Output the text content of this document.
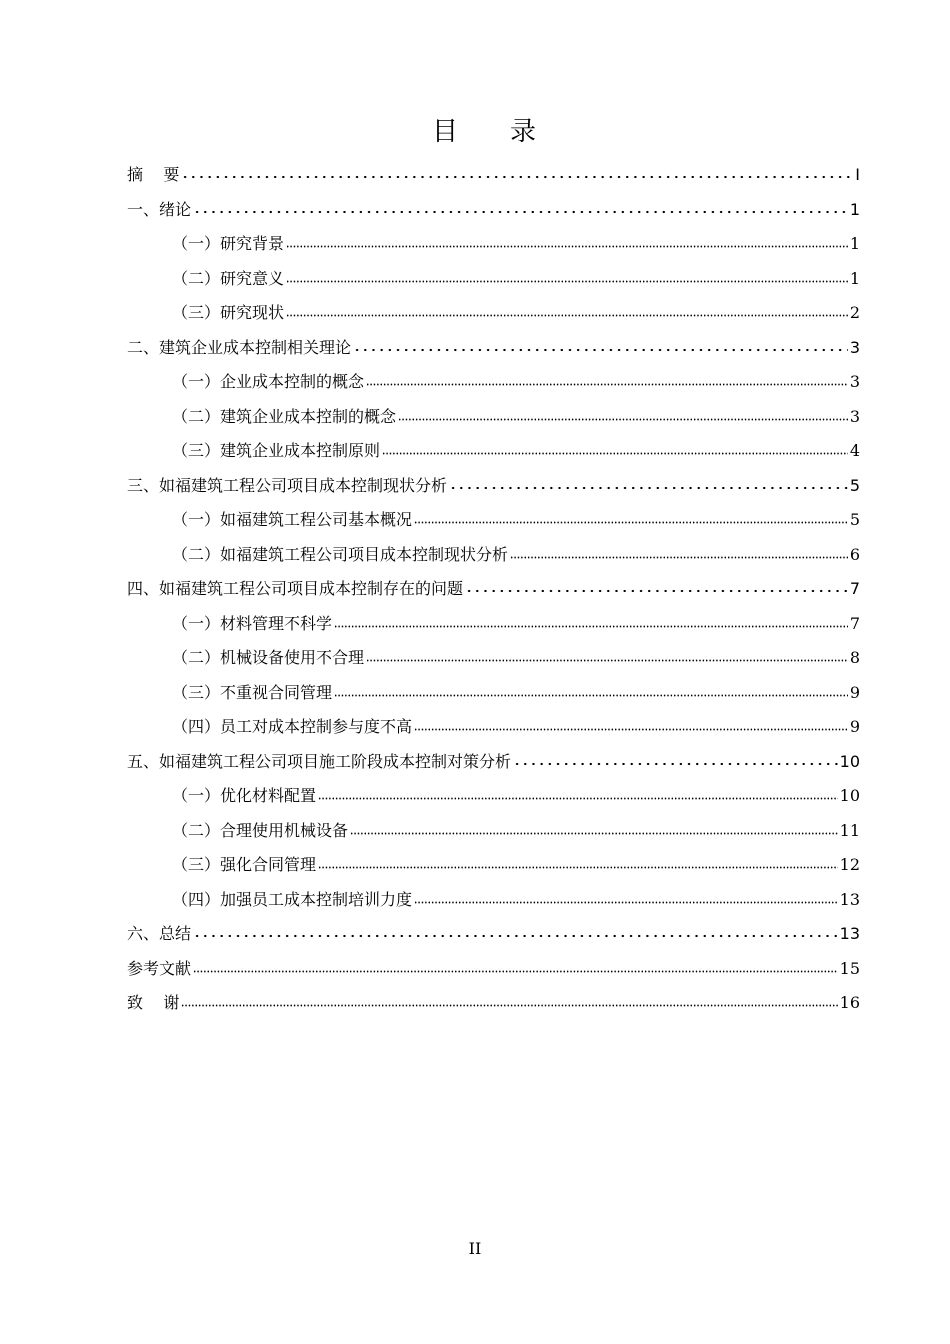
目录
摘    要	I
一、绪论	1
（一）研究背景	1
（二）研究意义	1
（三）研究现状	2
二、建筑企业成本控制相关理论	3
（一）企业成本控制的概念	3
（二）建筑企业成本控制的概念	3
（三）建筑企业成本控制原则	4
三、如福建筑工程公司项目成本控制现状分析	5
（一）如福建筑工程公司基本概况	5
（二）如福建筑工程公司项目成本控制现状分析	6
四、如福建筑工程公司项目成本控制存在的问题	7
（一）材料管理不科学	7
（二）机械设备使用不合理	8
（三）不重视合同管理	9
（四）员工对成本控制参与度不高	9
五、如福建筑工程公司项目施工阶段成本控制对策分析	10
（一）优化材料配置	10
（二）合理使用机械设备	11
（三）强化合同管理	12
（四）加强员工成本控制培训力度	13
六、总结	13
参考文献	15
致    谢	16
II
